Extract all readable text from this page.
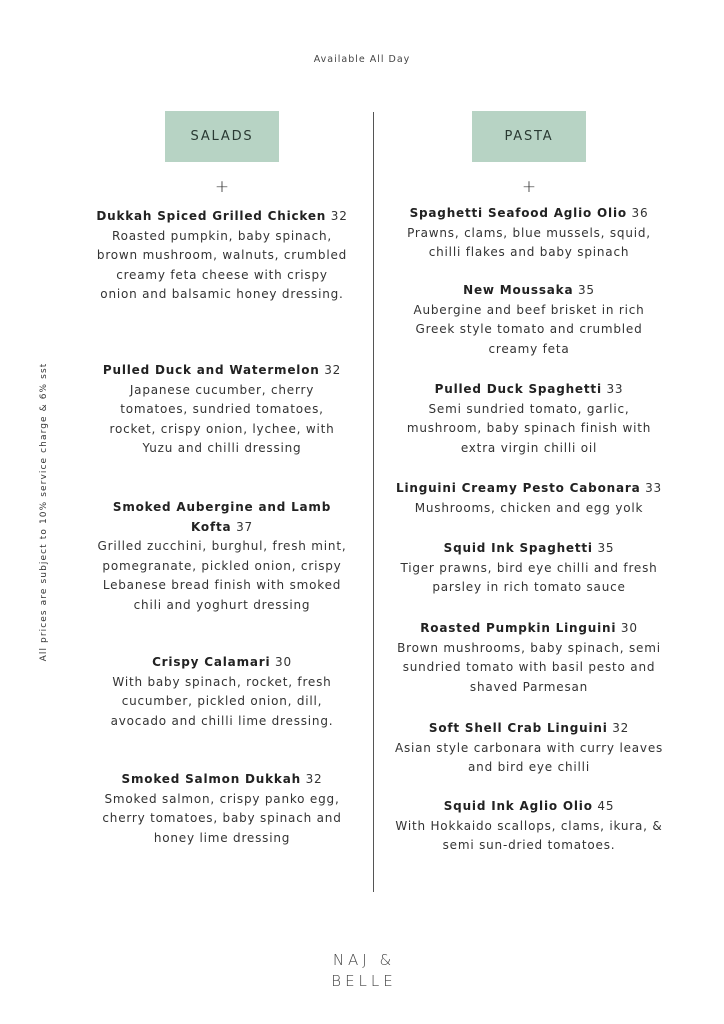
Available All Day
All prices are subject to 10% service charge & 6% sst
SALADS
+
Dukkah Spiced Grilled Chicken 32
Roasted pumpkin, baby spinach, brown mushroom, walnuts, crumbled creamy feta cheese with crispy onion and balsamic honey dressing.
Pulled Duck and Watermelon 32
Japanese cucumber, cherry tomatoes, sundried tomatoes, rocket, crispy onion, lychee, with Yuzu and chilli dressing
Smoked Aubergine and Lamb Kofta 37
Grilled zucchini, burghul, fresh mint, pomegranate, pickled onion, crispy Lebanese bread finish with smoked chili and yoghurt dressing
Crispy Calamari 30
With baby spinach, rocket, fresh cucumber, pickled onion, dill, avocado and chilli lime dressing.
Smoked Salmon Dukkah 32
Smoked salmon, crispy panko egg, cherry tomatoes, baby spinach and honey lime dressing
PASTA
+
Spaghetti Seafood Aglio Olio 36
Prawns, clams, blue mussels, squid, chilli flakes and baby spinach
New Moussaka 35
Aubergine and beef brisket in rich Greek style tomato and crumbled creamy feta
Pulled Duck Spaghetti 33
Semi sundried tomato, garlic, mushroom, baby spinach finish with extra virgin chilli oil
Linguini Creamy Pesto Cabonara 33
Mushrooms, chicken and egg yolk
Squid Ink Spaghetti 35
Tiger prawns, bird eye chilli and fresh parsley in rich tomato sauce
Roasted Pumpkin Linguini 30
Brown mushrooms, baby spinach, semi sundried tomato with basil pesto and shaved Parmesan
Soft Shell Crab Linguini 32
Asian style carbonara with curry leaves and bird eye chilli
Squid Ink Aglio Olio 45
With Hokkaido scallops, clams, ikura, & semi sun-dried tomatoes.
NAJ &
BELLE
